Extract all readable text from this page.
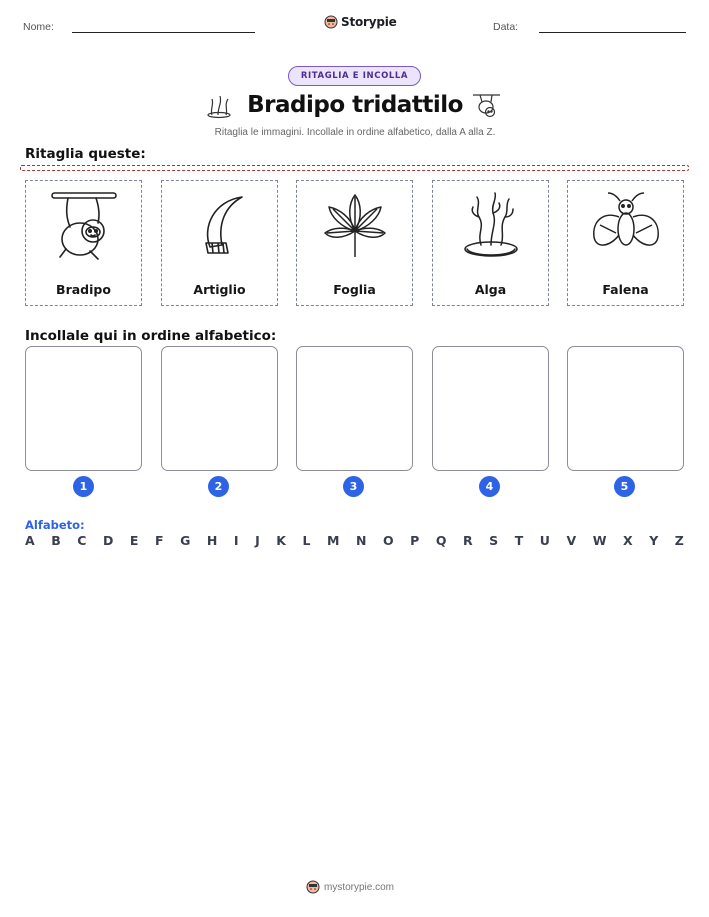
Nome:	Storypie	Data:
RITAGLIA E INCOLLA
Bradipo tridattilo
Ritaglia le immagini. Incollale in ordine alfabetico, dalla A alla Z.
Ritaglia queste:
Bradipo	Artiglio	Foglia	Alga	Falena
Incollale qui in ordine alfabetico:
1	2	3	4	5
Alfabeto:
A B C D E F G H I J K L M N O P Q R S T U V W X Y Z
mystorypie.com
